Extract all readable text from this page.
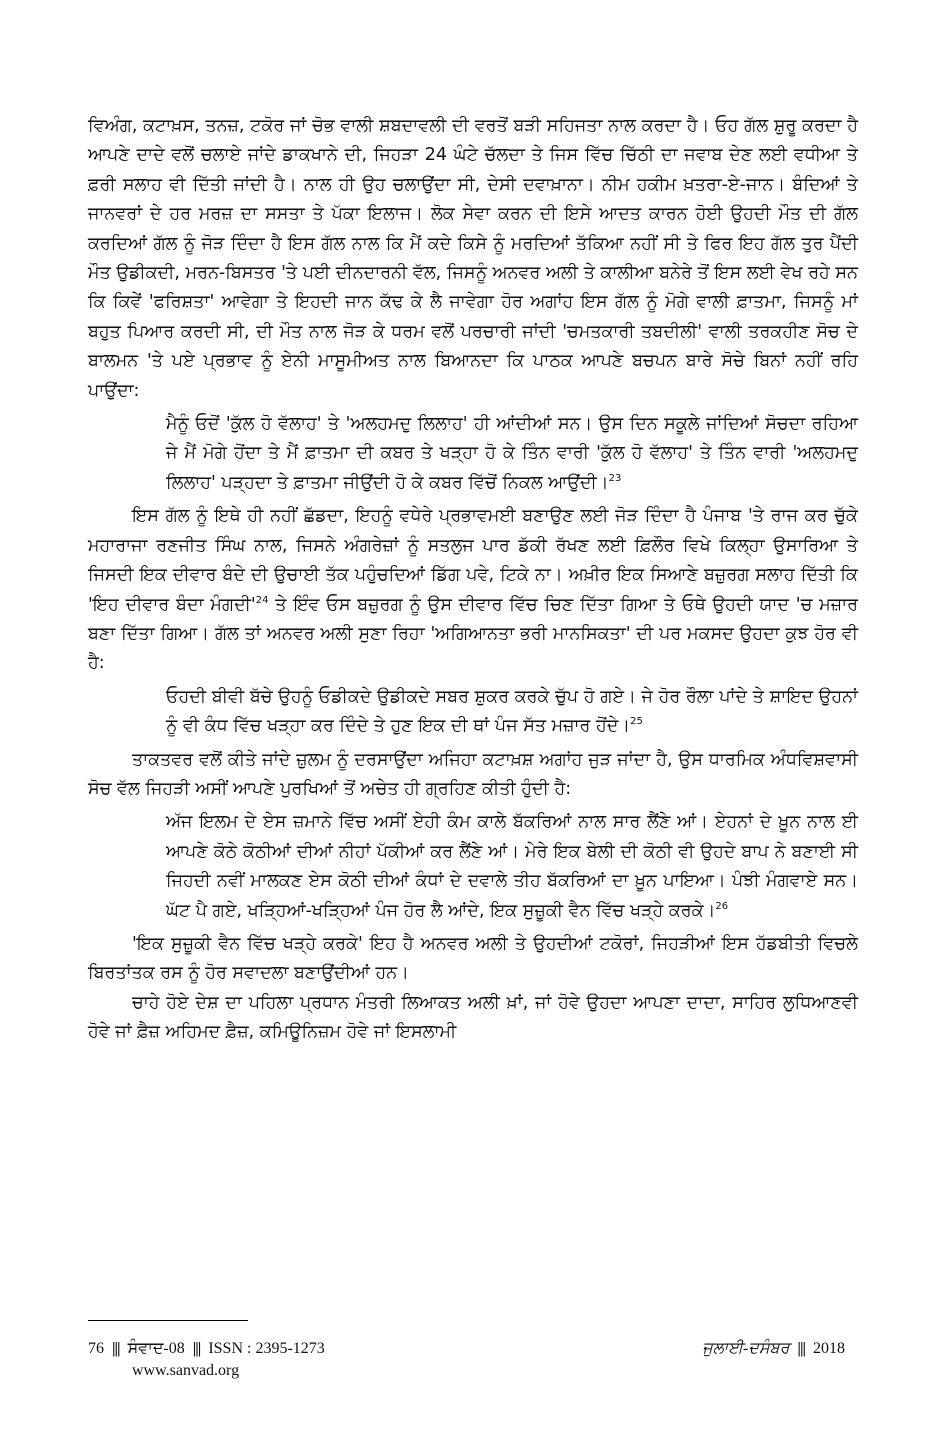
ਵਿਅੰਗ, ਕਟਾਖ਼ਸ, ਤਨਜ਼, ਟਕੋਰ ਜਾਂ ਚੋਭ ਵਾਲੀ ਸ਼ਬਦਾਵਲੀ ਦੀ ਵਰਤੋਂ ਬੜੀ ਸਹਿਜਤਾ ਨਾਲ ਕਰਦਾ ਹੈ। ਓਹ ਗੱਲ ਸ਼ੁਰੂ ਕਰਦਾ ਹੈ ਆਪਣੇ ਦਾਦੇ ਵਲੋਂ ਚਲਾਏ ਜਾਂਦੇ ਡਾਕਖਾਨੇ ਦੀ, ਜਿਹੜਾ 24 ਘੰਟੇ ਚੱਲਦਾ ਤੇ ਜਿਸ ਵਿੱਚ ਚਿੱਠੀ ਦਾ ਜਵਾਬ ਦੇਣ ਲਈ ਵਧੀਆ ਤੇ ਫ਼ਰੀ ਸਲਾਹ ਵੀ ਦਿੱਤੀ ਜਾਂਦੀ ਹੈ। ਨਾਲ ਹੀ ਉਹ ਚਲਾਉਂਦਾ ਸੀ, ਦੇਸੀ ਦਵਾਖ਼ਾਨਾ। ਨੀਮ ਹਕੀਮ ਖ਼ਤਰਾ-ਏ-ਜਾਨ। ਬੰਦਿਆਂ ਤੇ ਜਾਨਵਰਾਂ ਦੇ ਹਰ ਮਰਜ਼ ਦਾ ਸਸਤਾ ਤੇ ਪੱਕਾ ਇਲਾਜ। ਲੋਕ ਸੇਵਾ ਕਰਨ ਦੀ ਇਸੇ ਆਦਤ ਕਾਰਨ ਹੋਈ ਉਹਦੀ ਮੌਤ ਦੀ ਗੱਲ ਕਰਦਿਆਂ ਗੱਲ ਨੂੰ ਜੋੜ ਦਿੰਦਾ ਹੈ ਇਸ ਗੱਲ ਨਾਲ ਕਿ ਮੈਂ ਕਦੇ ਕਿਸੇ ਨੂੰ ਮਰਦਿਆਂ ਤੱਕਿਆ ਨਹੀਂ ਸੀ ਤੇ ਫਿਰ ਇਹ ਗੱਲ ਤੁਰ ਪੈਂਦੀ ਮੌਤ ਉਡੀਕਦੀ, ਮਰਨ-ਬਿਸਤਰ 'ਤੇ ਪਈ ਦੀਨਦਾਰਨੀ ਵੱਲ, ਜਿਸਨੂੰ ਅਨਵਰ ਅਲੀ ਤੇ ਕਾਲੀਆ ਬਨੇਰੇ ਤੋਂ ਇਸ ਲਈ ਵੇਖ ਰਹੇ ਸਨ ਕਿ ਕਿਵੇਂ 'ਫਰਿਸ਼ਤਾ' ਆਵੇਗਾ ਤੇ ਇਹਦੀ ਜਾਨ ਕੱਢ ਕੇ ਲੈ ਜਾਵੇਗਾ ਹੋਰ ਅਗਾਂਹ ਇਸ ਗੱਲ ਨੂੰ ਮੋਗੇ ਵਾਲੀ ਫ਼ਾਤਮਾ, ਜਿਸਨੂੰ ਮਾਂ ਬਹੁਤ ਪਿਆਰ ਕਰਦੀ ਸੀ, ਦੀ ਮੌਤ ਨਾਲ ਜੋੜ ਕੇ ਧਰਮ ਵਲੋਂ ਪਰਚਾਰੀ ਜਾਂਦੀ 'ਚਮਤਕਾਰੀ ਤਬਦੀਲੀ' ਵਾਲੀ ਤਰਕਹੀਣ ਸੋਚ ਦੇ ਬਾਲਮਨ 'ਤੇ ਪਏ ਪ੍ਰਭਾਵ ਨੂੰ ਏਨੀ ਮਾਸੂਮੀਅਤ ਨਾਲ ਬਿਆਨਦਾ ਕਿ ਪਾਠਕ ਆਪਣੇ ਬਚਪਨ ਬਾਰੇ ਸੋਚੇ ਬਿਨਾਂ ਨਹੀਂ ਰਹਿ ਪਾਉਂਦਾ:

ਮੈਨੂੰ ਓਦੋਂ 'ਕੁੱਲ ਹੋ ਵੱਲਾਹ' ਤੇ 'ਅਲਹਮਦੁ ਲਿਲਾਹ' ਹੀ ਆਂਦੀਆਂ ਸਨ। ਉਸ ਦਿਨ ਸਕੂਲੇ ਜਾਂਦਿਆਂ ਸੋਚਦਾ ਰਹਿਆ ਜੇ ਮੈਂ ਮੋਗੇ ਹੋਂਦਾ ਤੇ ਮੈਂ ਫ਼ਾਤਮਾ ਦੀ ਕਬਰ ਤੇ ਖੜ੍ਹਾ ਹੋ ਕੇ ਤਿੰਨ ਵਾਰੀ 'ਕੁੱਲ ਹੋ ਵੱਲਾਹ' ਤੇ ਤਿੰਨ ਵਾਰੀ 'ਅਲਹਮਦੁ ਲਿਲਾਹ' ਪੜ੍ਹਦਾ ਤੇ ਫ਼ਾਤਮਾ ਜੀਉਂਦੀ ਹੋ ਕੇ ਕਬਰ ਵਿੱਚੋਂ ਨਿਕਲ ਆਉਂਦੀ।$^{23}$

ਇਸ ਗੱਲ ਨੂੰ ਇਥੇ ਹੀ ਨਹੀਂ ਛੱਡਦਾ, ਇਹਨੂੰ ਵਧੇਰੇ ਪ੍ਰਭਾਵਮਈ ਬਣਾਉਣ ਲਈ ਜੋੜ ਦਿੰਦਾ ਹੈ ਪੰਜਾਬ 'ਤੇ ਰਾਜ ਕਰ ਚੁੱਕੇ ਮਹਾਰਾਜਾ ਰਣਜੀਤ ਸਿੰਘ ਨਾਲ, ਜਿਸਨੇ ਅੰਗਰੇਜ਼ਾਂ ਨੂੰ ਸਤਲੁਜ ਪਾਰ ਡੱਕੀ ਰੱਖਣ ਲਈ ਫ਼ਿਲੌਰ ਵਿਖੇ ਕਿਲ੍ਹਾ ਉਸਾਰਿਆ ਤੇ ਜਿਸਦੀ ਇਕ ਦੀਵਾਰ ਬੰਦੇ ਦੀ ਉਚਾਈ ਤੱਕ ਪਹੁੰਚਦਿਆਂ ਡਿੱਗ ਪਵੇ, ਟਿਕੇ ਨਾ। ਅਖ਼ੀਰ ਇਕ ਸਿਆਣੇ ਬਜ਼ੁਰਗ ਸਲਾਹ ਦਿੱਤੀ ਕਿ 'ਇਹ ਦੀਵਾਰ ਬੰਦਾ $ਮੰਗਦੀ'^{24}$ ਤੇ ਇੰਵ ਓਸ ਬਜ਼ੁਰਗ ਨੂੰ ਉਸ ਦੀਵਾਰ ਵਿੱਚ ਚਿਣ ਦਿੱਤਾ ਗਿਆ ਤੇ ਓਥੇ ਉਹਦੀ ਯਾਦ 'ਚ ਮਜ਼ਾਰ ਬਣਾ ਦਿੱਤਾ ਗਿਆ। ਗੱਲ ਤਾਂ ਅਨਵਰ ਅਲੀ ਸੁਣਾ ਰਿਹਾ 'ਅਗਿਆਨਤਾ ਭਰੀ ਮਾਨਸਿਕਤਾ' ਦੀ ਪਰ ਮਕਸਦ ਉਹਦਾ ਕੁਝ ਹੋਰ ਵੀ ਹੈ:

ਓਹਦੀ ਬੀਵੀ ਬੱਚੇ ਉਹਨੂੰ ਓਡੀਕਦੇ ਉਡੀਕਦੇ ਸਬਰ ਸ਼ੁਕਰ ਕਰਕੇ ਚੁੱਪ ਹੋ ਗਏ। ਜੇ ਹੋਰ ਰੌਲਾ ਪਾਂਦੇ ਤੇ ਸ਼ਾਇਦ ਉਹਨਾਂ ਨੂੰ ਵੀ ਕੰਧ ਵਿੱਚ ਖੜ੍ਹਾ ਕਰ ਦਿੰਦੇ ਤੇ ਹੁਣ ਇਕ ਦੀ ਥਾਂ ਪੰਜ ਸੱਤ ਮਜ਼ਾਰ ਹੋਂਦੇ।$^{25}$

ਤਾਕਤਵਰ ਵਲੋਂ ਕੀਤੇ ਜਾਂਦੇ ਜ਼ੁਲਮ ਨੂੰ ਦਰਸਾਉਂਦਾ ਅਜਿਹਾ ਕਟਾਖ਼ਸ਼ ਅਗਾਂਹ ਜੁੜ ਜਾਂਦਾ ਹੈ, ਉਸ ਧਾਰਮਿਕ ਅੰਧਵਿਸ਼ਵਾਸੀ ਸੋਚ ਵੱਲ ਜਿਹੜੀ ਅਸੀਂ ਆਪਣੇ ਪੁਰਖਿਆਂ ਤੋਂ ਅਚੇਤ ਹੀ ਗ੍ਰਹਿਣ ਕੀਤੀ ਹੁੰਦੀ ਹੈ:

ਅੱਜ ਇਲਮ ਦੇ ਏਸ ਜ਼ਮਾਨੇ ਵਿੱਚ ਅਸੀਂ ਏਹੀ ਕੰਮ ਕਾਲੇ ਬੱਕਰਿਆਂ ਨਾਲ ਸਾਰ ਲੈਂਣੇ ਆਂ। ਏਹਨਾਂ ਦੇ ਖ਼ੂਨ ਨਾਲ ਈ ਆਪਣੇ ਕੋਠੇ ਕੋਠੀਆਂ ਦੀਆਂ ਨੀਹਾਂ ਪੱਕੀਆਂ ਕਰ ਲੈਂਣੇ ਆਂ। ਮੇਰੇ ਇਕ ਬੇਲੀ ਦੀ ਕੋਠੀ ਵੀ ਉਹਦੇ ਬਾਪ ਨੇ ਬਣਾਈ ਸੀ ਜਿਹਦੀ ਨਵੀਂ ਮਾਲਕਣ ਏਸ ਕੋਠੀ ਦੀਆਂ ਕੰਧਾਂ ਦੇ ਦਵਾਲੇ ਤੀਹ ਬੱਕਰਿਆਂ ਦਾ ਖ਼ੂਨ ਪਾਇਆ। ਪੰਝੀ ਮੰਗਵਾਏ ਸਨ। ਘੱਟ ਪੈ ਗਏ, ਖੜ੍ਹਿਆਂ-ਖੜ੍ਹਿਆਂ ਪੰਜ ਹੋਰ ਲੈ ਆਂਦੇ, ਇਕ ਸੁਜ਼ੂਕੀ ਵੈਨ ਵਿੱਚ ਖੜ੍ਹੇ ਕਰਕੇ।$^{26}$

'ਇਕ ਸੁਜ਼ੂਕੀ ਵੈਨ ਵਿੱਚ ਖੜ੍ਹੇ ਕਰਕੇ' ਇਹ ਹੈ ਅਨਵਰ ਅਲੀ ਤੇ ਉਹਦੀਆਂ ਟਕੋਰਾਂ, ਜਿਹੜੀਆਂ ਇਸ ਹੱਡਬੀਤੀ ਵਿਚਲੇ ਬਿਰਤਾਂਤਕ ਰਸ ਨੂੰ ਹੋਰ ਸਵਾਦਲਾ ਬਣਾਉਂਦੀਆਂ ਹਨ।

ਚਾਹੇ ਹੋਏ ਦੇਸ਼ ਦਾ ਪਹਿਲਾ ਪ੍ਰਧਾਨ ਮੰਤਰੀ ਲਿਆਕਤ ਅਲੀ ਖ਼ਾਂ, ਜਾਂ ਹੋਵੇ ਉਹਦਾ ਆਪਣਾ ਦਾਦਾ, ਸਾਹਿਰ ਲੁਧਿਆਣਵੀ ਹੋਵੇ ਜਾਂ ਫ਼ੈਜ਼ ਅਹਿਮਦ ਫ਼ੈਜ਼, ਕਮਿਊਨਿਜ਼ਮ ਹੋਵੇ ਜਾਂ ਇਸਲਾਮੀ

76 ||| ਸੰਵਾਦ-08 ||| ISSN : 2395-1273	ਜੁਲਾਈ-ਦਸੰਬਰ ||| 2018
www.sanvad.org
